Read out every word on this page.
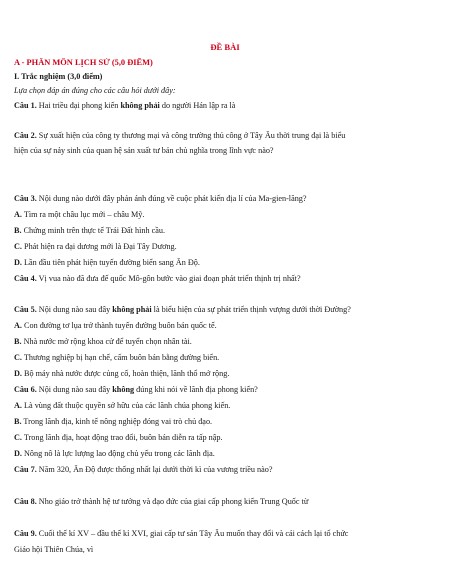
ĐỀ BÀI
A - PHÂN MÔN LỊCH SỬ (5,0 ĐIỂM)
I. Trắc nghiệm (3,0 điểm)
Lựa chọn đáp án đúng cho các câu hỏi dưới đây:
Câu 1. Hai triều đại phong kiến không phải do người Hán lập ra là
Câu 2. Sự xuất hiện của công ty thương mại và công trường thủ công ở Tây Âu thời trung đại là biểu
hiện của sự nảy sinh của quan hệ sản xuất tư bản chủ nghĩa trong lĩnh vực nào?
Câu 3. Nội dung nào dưới đây phản ánh đúng về cuộc phát kiến địa lí của Ma-gien-lăng?
A. Tìm ra một châu lục mới – châu Mỹ.
B. Chứng minh trên thực tế Trái Đất hình cầu.
C. Phát hiện ra đại dương mới là Đại Tây Dương.
D. Lần đầu tiên phát hiện tuyến đường biển sang Ấn Độ.
Câu 4. Vị vua nào đã đưa đế quốc Mô-gôn bước vào giai đoạn phát triển thịnh trị nhất?
Câu 5. Nội dung nào sau đây không phải là biểu hiện của sự phát triển thịnh vượng dưới thời Đường?
A. Con đường tơ lụa trở thành tuyến đường buôn bán quốc tế.
B. Nhà nước mở rộng khoa cử để tuyển chọn nhân tài.
C. Thương nghiệp bị hạn chế, cấm buôn bán bằng đường biển.
D. Bộ máy nhà nước được củng cố, hoàn thiện, lãnh thổ mở rộng.
Câu 6. Nội dung nào sau đây không đúng khi nói về lãnh địa phong kiến?
A. Là vùng đất thuộc quyền sở hữu của các lãnh chúa phong kiến.
B. Trong lãnh địa, kinh tế nông nghiệp đóng vai trò chủ đạo.
C. Trong lãnh địa, hoạt động trao đổi, buôn bán diễn ra tấp nập.
D. Nông nô là lực lượng lao động chủ yếu trong các lãnh địa.
Câu 7. Năm 320, Ấn Độ được thống nhất lại dưới thời kì của vương triều nào?
Câu 8. Nho giáo trở thành hệ tư tưởng và đạo đức của giai cấp phong kiến Trung Quốc từ
Câu 9. Cuối thế kỉ XV – đầu thế kỉ XVI, giai cấp tư sản Tây Âu muốn thay đổi và cải cách lại tổ chức
Giáo hội Thiên Chúa, vì
